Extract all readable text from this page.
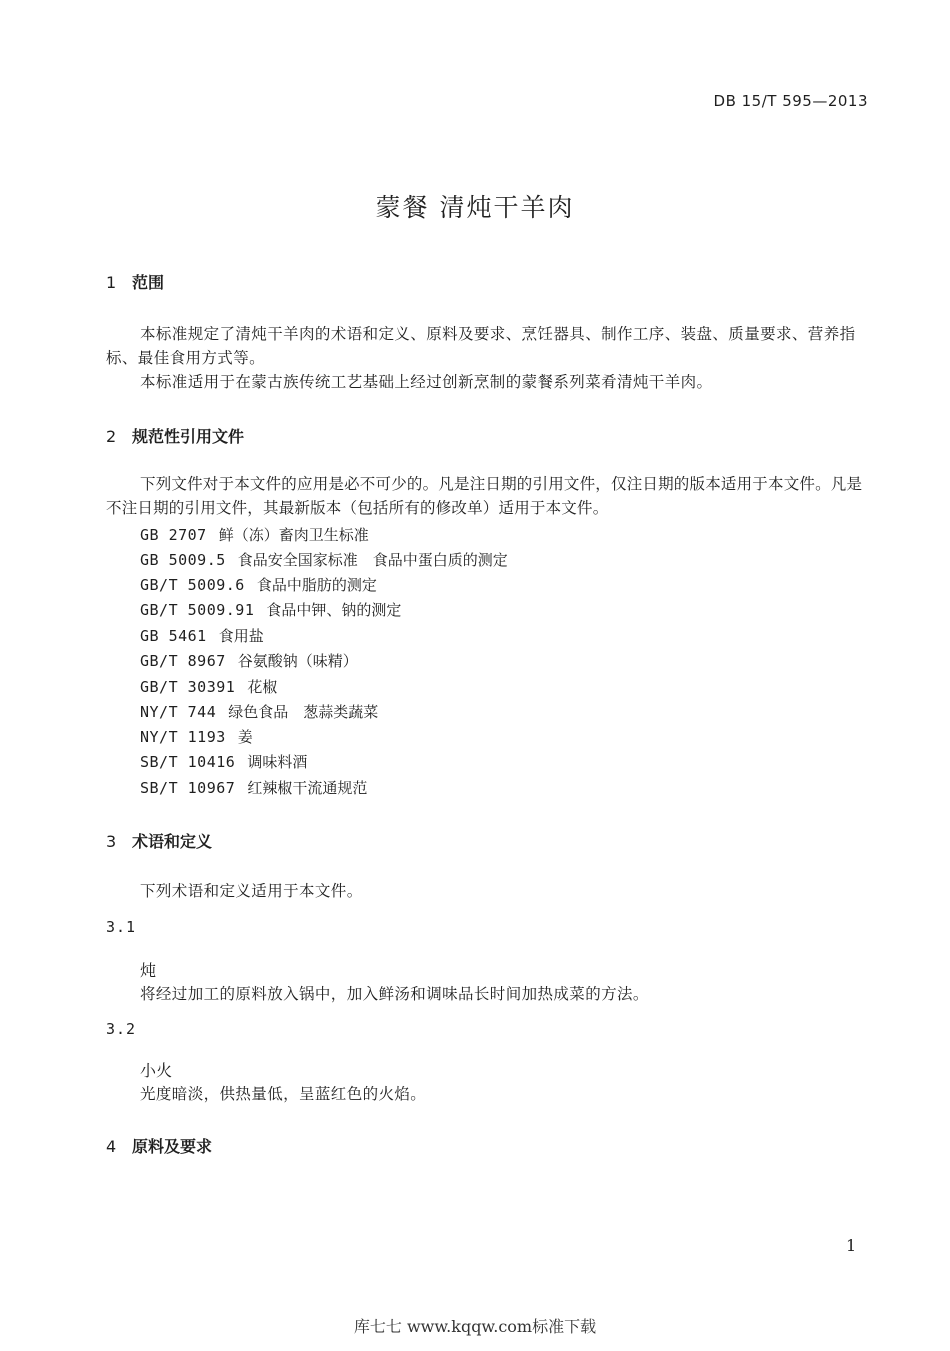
DB 15/T 595—2013
蒙餐 清炖干羊肉
1 范围
本标准规定了清炖干羊肉的术语和定义、原料及要求、烹饪器具、制作工序、装盘、质量要求、营养指标、最佳食用方式等。
本标准适用于在蒙古族传统工艺基础上经过创新烹制的蒙餐系列菜肴清炖干羊肉。
2 规范性引用文件
下列文件对于本文件的应用是必不可少的。凡是注日期的引用文件，仅注日期的版本适用于本文件。凡是不注日期的引用文件，其最新版本（包括所有的修改单）适用于本文件。
GB 2707 鲜（冻）畜肉卫生标准
GB 5009.5 食品安全国家标准　食品中蛋白质的测定
GB/T 5009.6 食品中脂肪的测定
GB/T 5009.91 食品中钾、钠的测定
GB 5461 食用盐
GB/T 8967 谷氨酸钠（味精）
GB/T 30391 花椒
NY/T 744 绿色食品　葱蒜类蔬菜
NY/T 1193 姜
SB/T 10416 调味料酒
SB/T 10967 红辣椒干流通规范
3 术语和定义
下列术语和定义适用于本文件。
3.1
炖
将经过加工的原料放入锅中，加入鲜汤和调味品长时间加热成菜的方法。
3.2
小火
光度暗淡，供热量低，呈蓝红色的火焰。
4 原料及要求
1
库七七 www.kqqw.com标准下载
